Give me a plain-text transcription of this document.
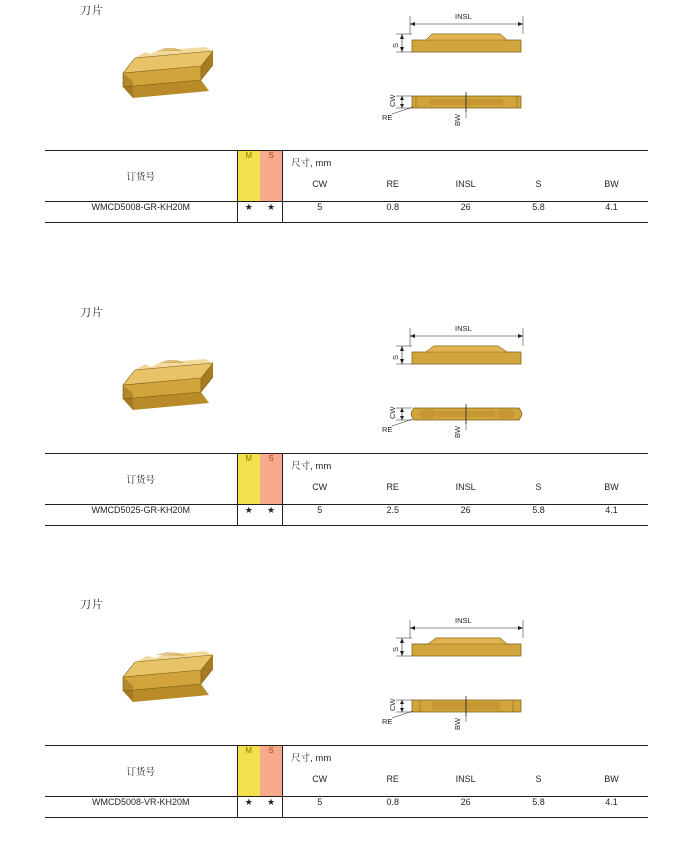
刀片	INSL
S
CW
RE	BW
订货号	M	S	尺寸, mm				
			CW	RE	INSL	S	BW
WMCD5008-GR-KH20M	★	★	5	0.8	26	5.8	4.1
刀片
INSL
S
CW
RE	BW
订货号	M	S	尺寸, mm				
			CW	RE	INSL	S	BW
WMCD5025-GR-KH20M	★	★	5	2.5	26	5.8	4.1
刀片
INSL
S
CW
RE	BW
订货号	M	S	尺寸, mm				
			CW	RE	INSL	S	BW
WMCD5008-VR-KH20M	★	★	5	0.8	26	5.8	4.1
